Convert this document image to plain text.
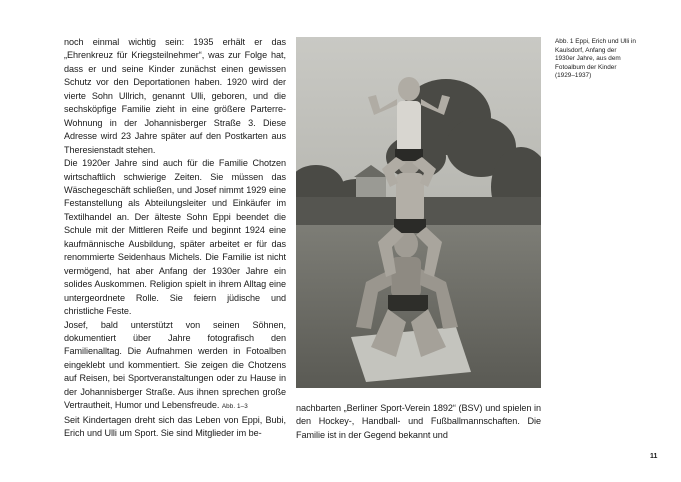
noch einmal wichtig sein: 1935 erhält er das „Ehrenkreuz für Kriegsteilnehmer“, was zur Folge hat, dass er und seine Kinder zunächst einen gewissen Schutz vor den Deportationen haben. 1920 wird der vierte Sohn Ullrich, genannt Ulli, geboren, und die sechsköpfige Familie zieht in eine größere Parterre-Wohnung in der Johannisberger Straße 3. Diese Adresse wird 23 Jahre später auf den Postkarten aus Theresienstadt stehen.

Die 1920er Jahre sind auch für die Familie Chotzen wirtschaftlich schwierige Zeiten. Sie müssen das Wäschegeschäft schließen, und Josef nimmt 1929 eine Festanstellung als Abteilungsleiter und Einkäufer im Textilhandel an. Der älteste Sohn Eppi beendet die Schule mit der Mittleren Reife und beginnt 1924 eine kaufmännische Ausbildung, später arbeitet er für das renommierte Seidenhaus Michels. Die Familie ist nicht vermögend, hat aber Anfang der 1930er Jahre ein solides Auskommen. Religion spielt in ihrem Alltag eine untergeordnete Rolle. Sie feiern jüdische und christliche Feste.

Josef, bald unterstützt von seinen Söhnen, dokumentiert über Jahre fotografisch den Familienalltag. Die Aufnahmen werden in Fotoalben eingeklebt und kommentiert. Sie zeigen die Chotzens auf Reisen, bei Sportveranstaltungen oder zu Hause in der Johannisberger Straße. Aus ihnen sprechen große Vertrautheit, Humor und Lebensfreude. Abb. 1–3

Seit Kindertagen dreht sich das Leben von Eppi, Bubi, Erich und Ulli um Sport. Sie sind Mitglieder im be-

Abb. 1 Eppi, Erich und Ulli in Kaulsdorf, Anfang der 1930er Jahre, aus dem Fotoalbum der Kinder (1929–1937)

nachbarten „Berliner Sport-Verein 1892“ (BSV) und spielen in den Hockey-, Handball- und Fußballmannschaften. Die Familie ist in der Gegend bekannt und

11
